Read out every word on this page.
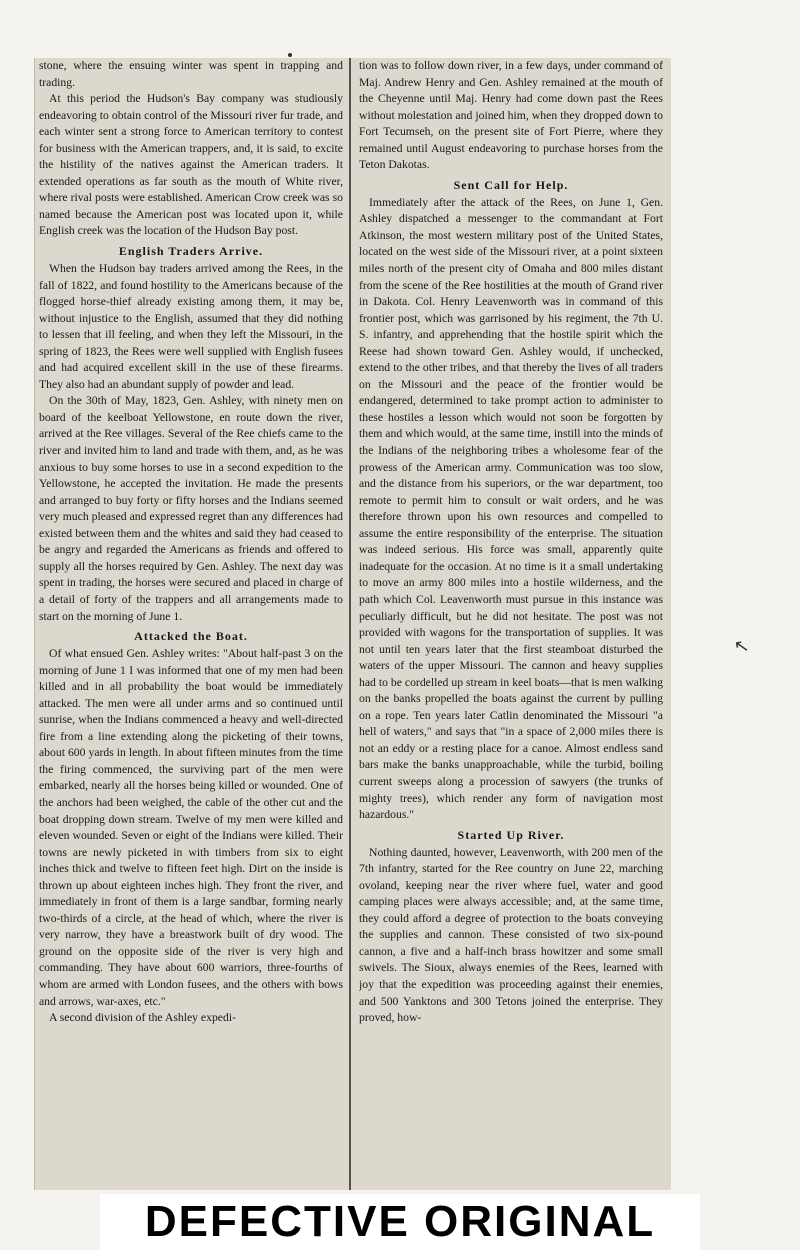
stone, where the ensuing winter was spent in trapping and trading.

At this period the Hudson's Bay company was studiously endeavoring to obtain control of the Missouri river fur trade, and each winter sent a strong force to American territory to contest for business with the American trappers, and, it is said, to excite the histility of the natives against the American traders. It extended operations as far south as the mouth of White river, where rival posts were established. American Crow creek was so named because the American post was located upon it, while English creek was the location of the Hudson Bay post.

English Traders Arrive.

When the Hudson bay traders arrived among the Rees, in the fall of 1822, and found hostility to the Americans because of the flogged horse-thief already existing among them, it may be, without injustice to the English, assumed that they did nothing to lessen that ill feeling, and when they left the Missouri, in the spring of 1823, the Rees were well supplied with English fusees and had acquired excellent skill in the use of these firearms. They also had an abundant supply of powder and lead.

On the 30th of May, 1823, Gen. Ashley, with ninety men on board of the keelboat Yellowstone, en route down the river, arrived at the Ree villages. Several of the Ree chiefs came to the river and invited him to land and trade with them, and, as he was anxious to buy some horses to use in a second expedition to the Yellowstone, he accepted the invitation. He made the presents and arranged to buy forty or fifty horses and the Indians seemed very much pleased and expressed regret than any differences had existed between them and the whites and said they had ceased to be angry and regarded the Americans as friends and offered to supply all the horses required by Gen. Ashley. The next day was spent in trading, the horses were secured and placed in charge of a detail of forty of the trappers and all arrangements made to start on the morning of June 1.

Attacked the Boat.

Of what ensued Gen. Ashley writes: "About half-past 3 on the morning of June 1 I was informed that one of my men had been killed and in all probability the boat would be immediately attacked. The men were all under arms and so continued until sunrise, when the Indians commenced a heavy and well-directed fire from a line extending along the picketing of their towns, about 600 yards in length. In about fifteen minutes from the time the firing commenced, the surviving part of the men were embarked, nearly all the horses being killed or wounded. One of the anchors had been weighed, the cable of the other cut and the boat dropping down stream. Twelve of my men were killed and eleven wounded. Seven or eight of the Indians were killed. Their towns are newly picketed in with timbers from six to eight inches thick and twelve to fifteen feet high. Dirt on the inside is thrown up about eighteen inches high. They front the river, and immediately in front of them is a large sandbar, forming nearly two-thirds of a circle, at the head of which, where the river is very narrow, they have a breastwork built of dry wood. The ground on the opposite side of the river is very high and commanding. They have about 600 warriors, three-fourths of whom are armed with London fusees, and the others with bows and arrows, war-axes, etc."

A second division of the Ashley expedi-

tion was to follow down river, in a few days, under command of Maj. Andrew Henry and Gen. Ashley remained at the mouth of the Cheyenne until Maj. Henry had come down past the Rees without molestation and joined him, when they dropped down to Fort Tecumseh, on the present site of Fort Pierre, where they remained until August endeavoring to purchase horses from the Teton Dakotas.

Sent Call for Help.

Immediately after the attack of the Rees, on June 1, Gen. Ashley dispatched a messenger to the commandant at Fort Atkinson, the most western military post of the United States, located on the west side of the Missouri river, at a point sixteen miles north of the present city of Omaha and 800 miles distant from the scene of the Ree hostilities at the mouth of Grand river in Dakota. Col. Henry Leavenworth was in command of this frontier post, which was garrisoned by his regiment, the 7th U. S. infantry, and apprehending that the hostile spirit which the Reese had shown toward Gen. Ashley would, if unchecked, extend to the other tribes, and that thereby the lives of all traders on the Missouri and the peace of the frontier would be endangered, determined to take prompt action to administer to these hostiles a lesson which would not soon be forgotten by them and which would, at the same time, instill into the minds of the Indians of the neighboring tribes a wholesome fear of the prowess of the American army. Communication was too slow, and the distance from his superiors, or the war department, too remote to permit him to consult or wait orders, and he was therefore thrown upon his own resources and compelled to assume the entire responsibility of the enterprise. The situation was indeed serious. His force was small, apparently quite inadequate for the occasion. At no time is it a small undertaking to move an army 800 miles into a hostile wilderness, and the path which Col. Leavenworth must pursue in this instance was peculiarly difficult, but he did not hesitate. The post was not provided with wagons for the transportation of supplies. It was not until ten years later that the first steamboat disturbed the waters of the upper Missouri. The cannon and heavy supplies had to be cordelled up stream in keel boats—that is men walking on the banks propelled the boats against the current by pulling on a rope. Ten years later Catlin denominated the Missouri "a hell of waters," and says that "in a space of 2,000 miles there is not an eddy or a resting place for a canoe. Almost endless sand bars make the banks unapproachable, while the turbid, boiling current sweeps along a procession of sawyers (the trunks of mighty trees), which render any form of navigation most hazardous."

Started Up River.

Nothing daunted, however, Leavenworth, with 200 men of the 7th infantry, started for the Ree country on June 22, marching ovoland, keeping near the river where fuel, water and good camping places were always accessible; and, at the same time, they could afford a degree of protection to the boats conveying the supplies and cannon. These consisted of two six-pound cannon, a five and a half-inch brass howitzer and some small swivels. The Sioux, always enemies of the Rees, learned with joy that the expedition was proceeding against their enemies, and 500 Yanktons and 300 Tetons joined the enterprise. They proved, how-

↖
DEFECTIVE ORIGINAL
